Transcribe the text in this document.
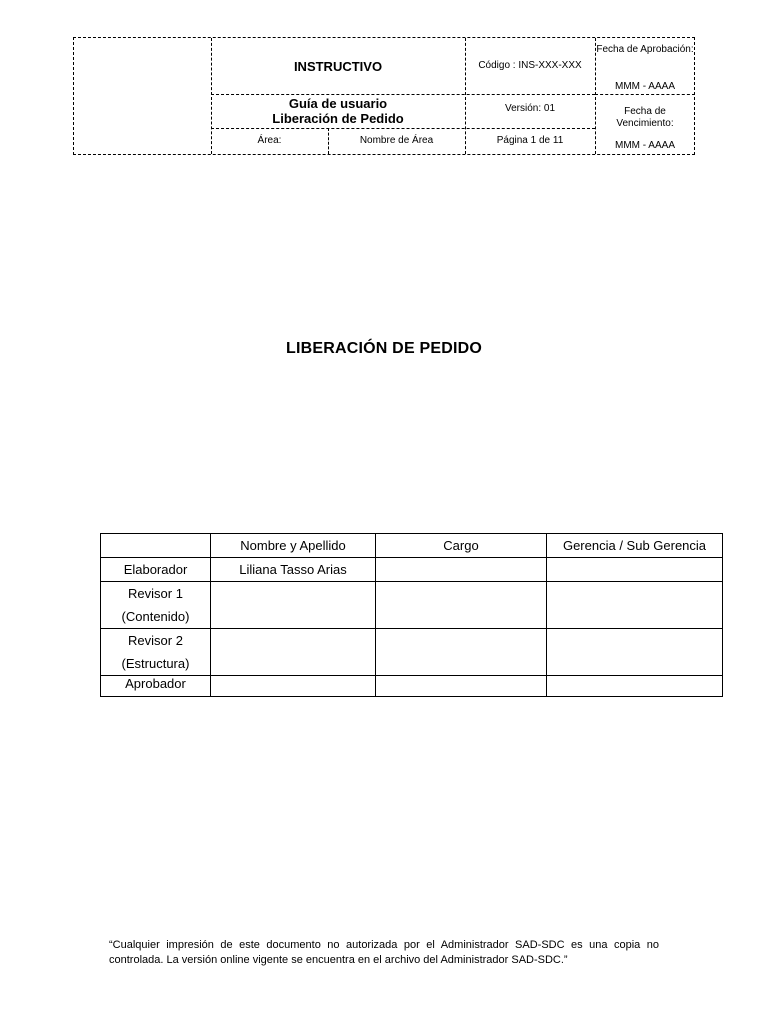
INSTRUCTIVO	Código : INS-XXX-XXX
Fecha de Aprobación:
MMM - AAAA
Guía de usuario
Liberación de Pedido
Versión: 01	Fecha de Vencimiento:
MMM - AAAA
Área:	Nombre de Área	Página 1 de 11
LIBERACIÓN DE PEDIDO
	Nombre y Apellido	Cargo	Gerencia / Sub Gerencia

Elaborador	Liliana Tasso Arias		

Revisor 1
(Contenido)			

Revisor 2
(Estructura)			

Aprobador			

“Cualquier impresión de este documento no autorizada por el Administrador SAD-SDC es una copia no controlada. La versión online vigente se encuentra en el archivo del Administrador SAD-SDC.”
